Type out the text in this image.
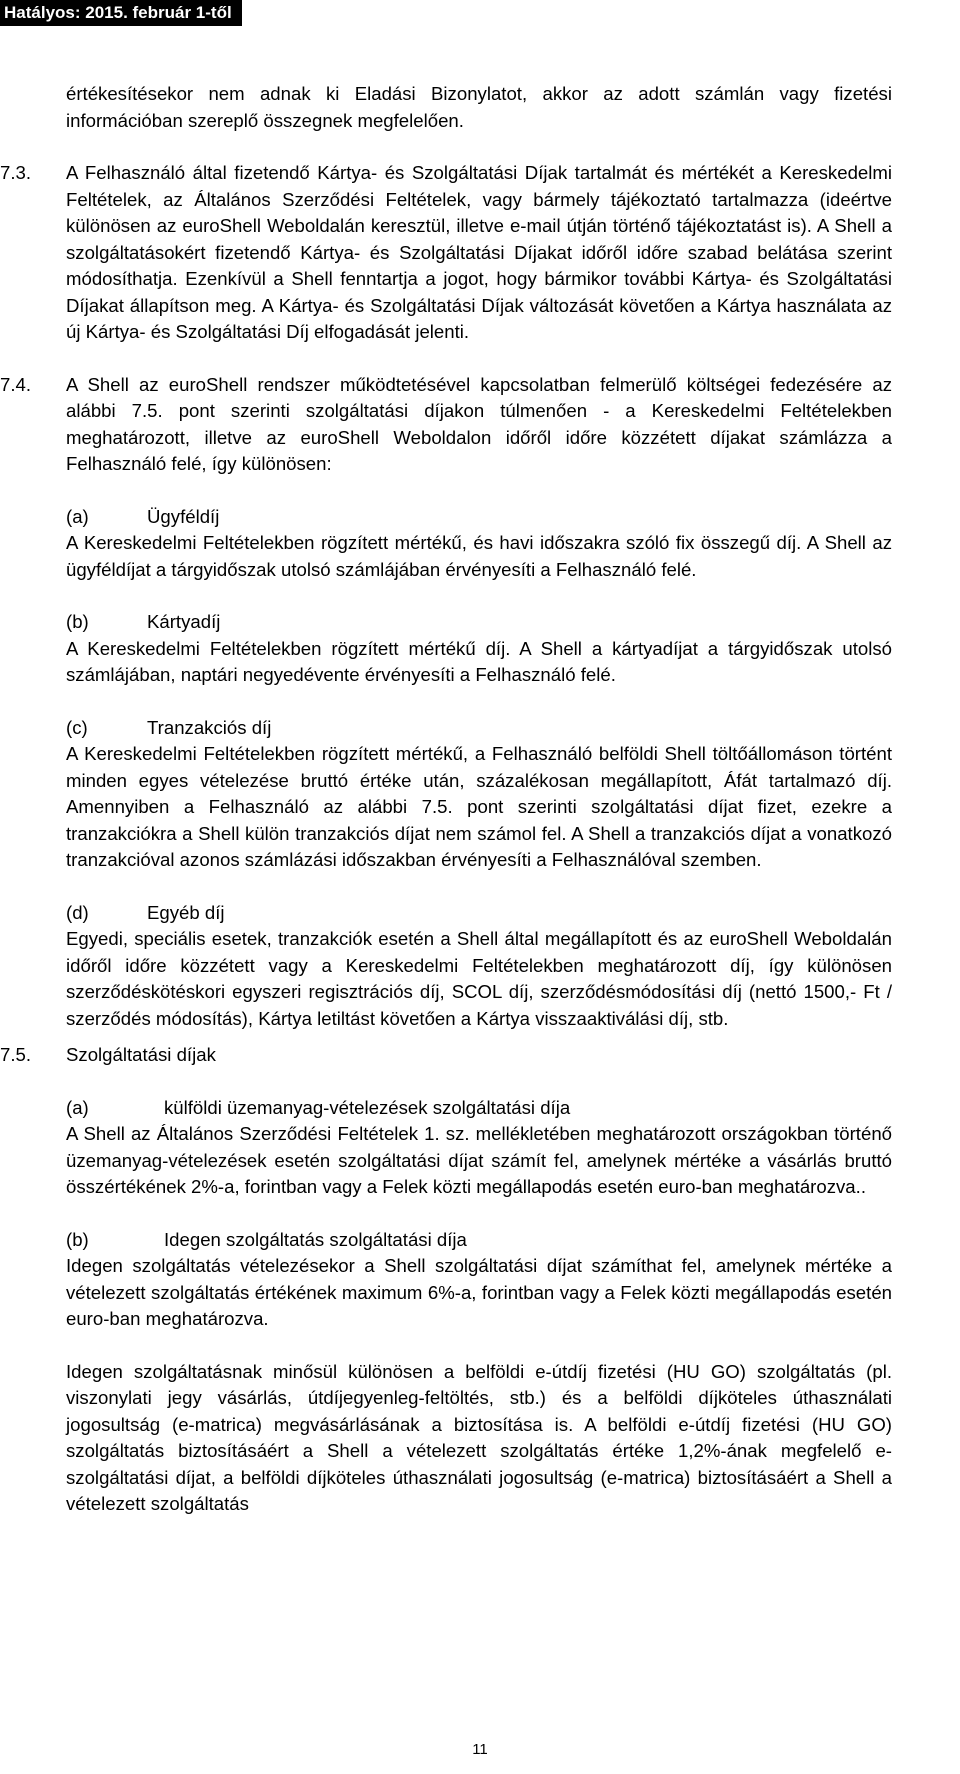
Hatályos: 2015. február 1-től

értékesítésekor nem adnak ki Eladási Bizonylatot, akkor az adott számlán vagy fizetési információban szereplő összegnek megfelelően.

7.3. A Felhasználó által fizetendő Kártya- és Szolgáltatási Díjak tartalmát és mértékét a Kereskedelmi Feltételek, az Általános Szerződési Feltételek, vagy bármely tájékoztató tartalmazza (ideértve különösen az euroShell Weboldalán keresztül, illetve e-mail útján történő tájékoztatást is). A Shell a szolgáltatásokért fizetendő Kártya- és Szolgáltatási Díjakat időről időre szabad belátása szerint módosíthatja. Ezenkívül a Shell fenntartja a jogot, hogy bármikor további Kártya- és Szolgáltatási Díjakat állapítson meg. A Kártya- és Szolgáltatási Díjak változását követően a Kártya használata az új Kártya- és Szolgáltatási Díj elfogadását jelenti.

7.4. A Shell az euroShell rendszer működtetésével kapcsolatban felmerülő költségei fedezésére az alábbi 7.5. pont szerinti szolgáltatási díjakon túlmenően - a Kereskedelmi Feltételekben meghatározott, illetve az euroShell Weboldalon időről időre közzétett díjakat számlázza a Felhasználó felé, így különösen:

(a)	Ügyféldíj

A Kereskedelmi Feltételekben rögzített mértékű, és havi időszakra szóló fix összegű díj. A Shell az ügyféldíjat a tárgyidőszak utolsó számlájában érvényesíti a Felhasználó felé.

(b)	Kártyadíj

A Kereskedelmi Feltételekben rögzített mértékű díj. A Shell a kártyadíjat a tárgyidőszak utolsó számlájában, naptári negyedévente érvényesíti a Felhasználó felé.

(c)	Tranzakciós díj

A Kereskedelmi Feltételekben rögzített mértékű, a Felhasználó belföldi Shell töltőállomáson történt minden egyes vételezése bruttó értéke után, százalékosan megállapított, Áfát tartalmazó díj. Amennyiben a Felhasználó az alábbi 7.5. pont szerinti szolgáltatási díjat fizet, ezekre a tranzakciókra a Shell külön tranzakciós díjat nem számol fel. A Shell a tranzakciós díjat a vonatkozó tranzakcióval azonos számlázási időszakban érvényesíti a Felhasználóval szemben.

(d)	Egyéb díj

Egyedi, speciális esetek, tranzakciók esetén a Shell által megállapított és az euroShell Weboldalán időről időre közzétett vagy a Kereskedelmi Feltételekben meghatározott díj, így különösen szerződéskötéskori egyszeri regisztrációs díj, SCOL díj, szerződésmódosítási díj (nettó 1500,- Ft / szerződés módosítás), Kártya letiltást követően a Kártya visszaaktiválási díj, stb.

7.5. Szolgáltatási díjak

(a)	külföldi üzemanyag-vételezések szolgáltatási díja

A Shell az Általános Szerződési Feltételek 1. sz. mellékletében meghatározott országokban történő üzemanyag-vételezések esetén szolgáltatási díjat számít fel, amelynek mértéke a vásárlás bruttó összértékének 2%-a, forintban vagy a Felek közti megállapodás esetén euro-ban meghatározva..

(b)	Idegen szolgáltatás szolgáltatási díja

Idegen szolgáltatás vételezésekor a Shell szolgáltatási díjat számíthat fel, amelynek mértéke a vételezett szolgáltatás értékének maximum 6%-a, forintban vagy a Felek közti megállapodás esetén euro-ban meghatározva.

Idegen szolgáltatásnak minősül különösen a belföldi e-útdíj fizetési (HU GO) szolgáltatás (pl. viszonylati jegy vásárlás, útdíjegyenleg-feltöltés, stb.) és a belföldi díjköteles úthasználati jogosultság (e-matrica) megvásárlásának a biztosítása is. A belföldi e-útdíj fizetési (HU GO) szolgáltatás biztosításáért a Shell a vételezett szolgáltatás értéke 1,2%-ának megfelelő e-szolgáltatási díjat, a belföldi díjköteles úthasználati jogosultság (e-matrica) biztosításáért a Shell a vételezett szolgáltatás

11
